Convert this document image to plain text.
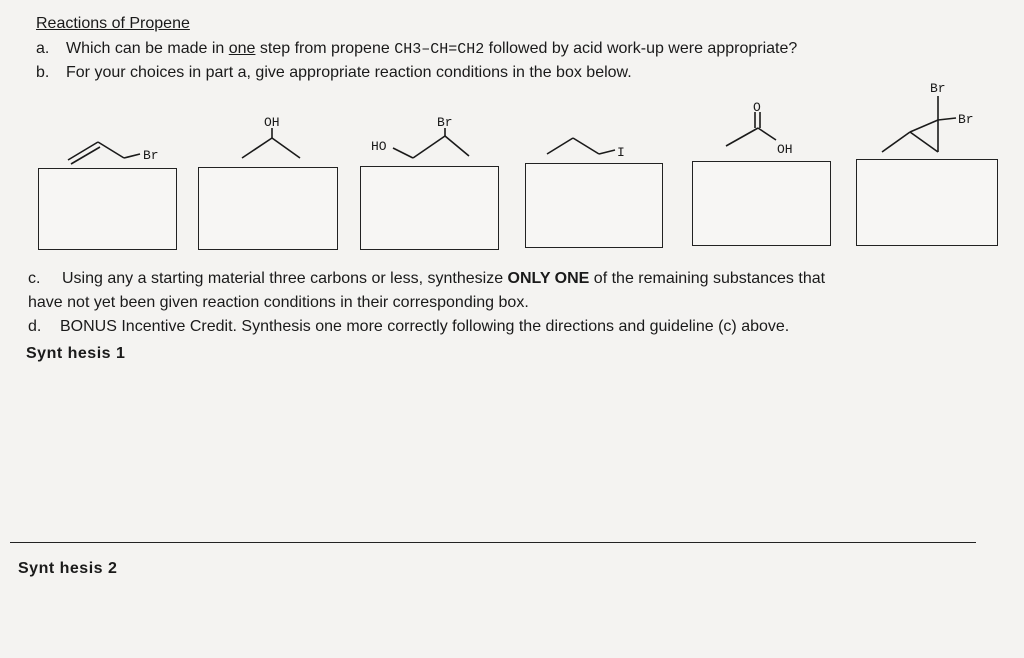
Reactions of Propene
a. Which can be made in one step from propene CH3–CH=CH2 followed by acid work-up were appropriate?
b. For your choices in part a, give appropriate reaction conditions in the box below.
Br
OH
HO
Br
I
O
OH
Br
Br
c. Using any a starting material three carbons or less, synthesize ONLY ONE of the remaining substances that
have not yet been given reaction conditions in their corresponding box.
d. BONUS Incentive Credit. Synthesis one more correctly following the directions and guideline (c) above.
Synt hesis 1
Synt hesis 2
